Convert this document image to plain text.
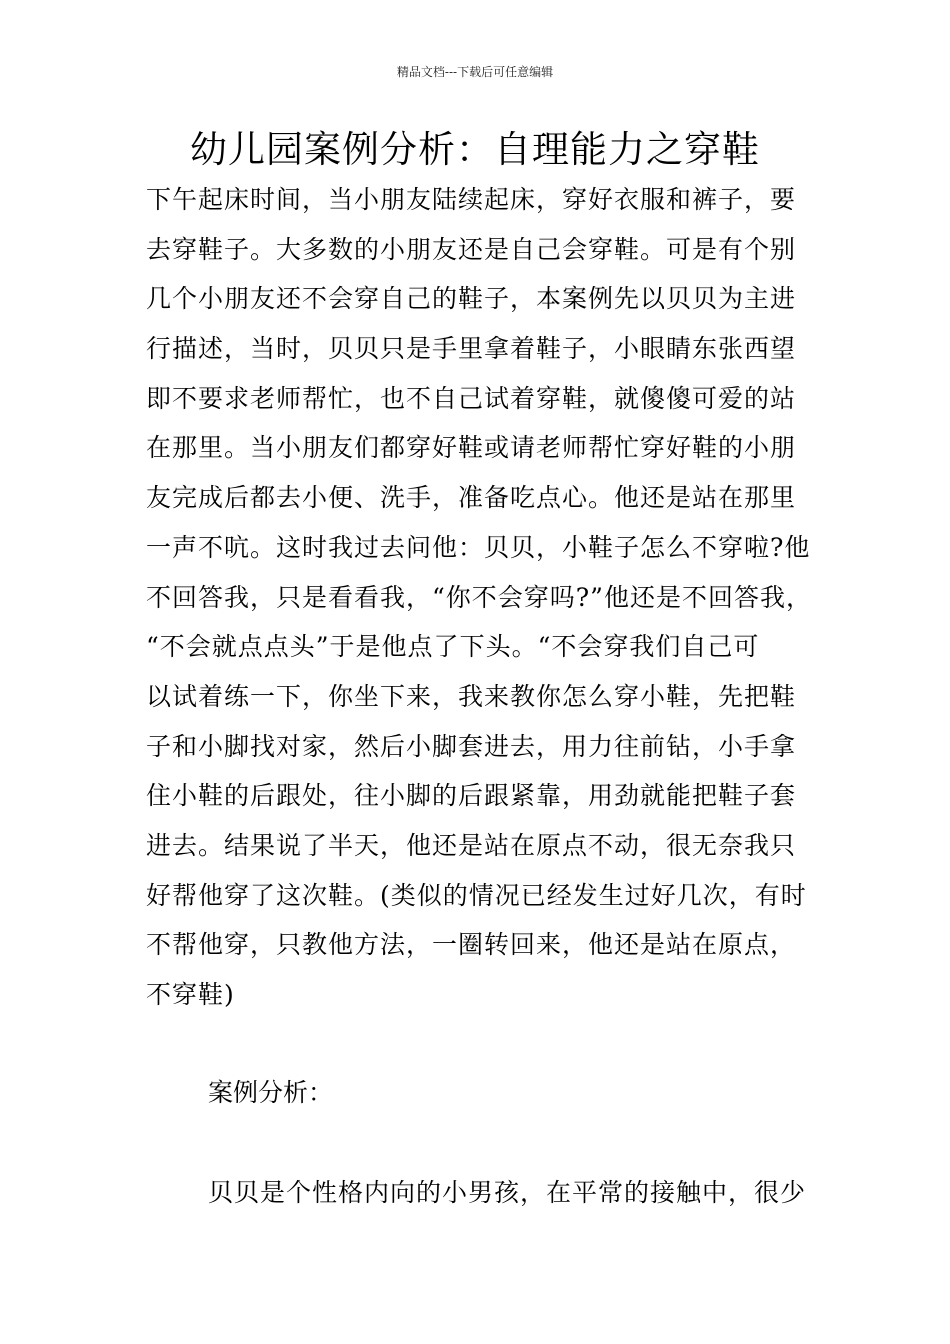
精品文档---下载后可任意编辑
幼儿园案例分析：自理能力之穿鞋
下午起床时间，当小朋友陆续起床，穿好衣服和裤子，要
去穿鞋子。大多数的小朋友还是自己会穿鞋。可是有个别
几个小朋友还不会穿自己的鞋子，本案例先以贝贝为主进
行描述，当时，贝贝只是手里拿着鞋子，小眼睛东张西望
即不要求老师帮忙，也不自己试着穿鞋，就傻傻可爱的站
在那里。当小朋友们都穿好鞋或请老师帮忙穿好鞋的小朋
友完成后都去小便、洗手，准备吃点心。他还是站在那里
一声不吭。这时我过去问他：贝贝，小鞋子怎么不穿啦?他
不回答我，只是看看我，“你不会穿吗?”他还是不回答我，
“不会就点点头”于是他点了下头。“不会穿我们自己可
以试着练一下，你坐下来，我来教你怎么穿小鞋，先把鞋
子和小脚找对家，然后小脚套进去，用力往前钻，小手拿
住小鞋的后跟处，往小脚的后跟紧靠，用劲就能把鞋子套
进去。结果说了半天，他还是站在原点不动，很无奈我只
好帮他穿了这次鞋。(类似的情况已经发生过好几次，有时
不帮他穿，只教他方法，一圈转回来，他还是站在原点，
不穿鞋)
案例分析：
贝贝是个性格内向的小男孩，在平常的接触中，很少
